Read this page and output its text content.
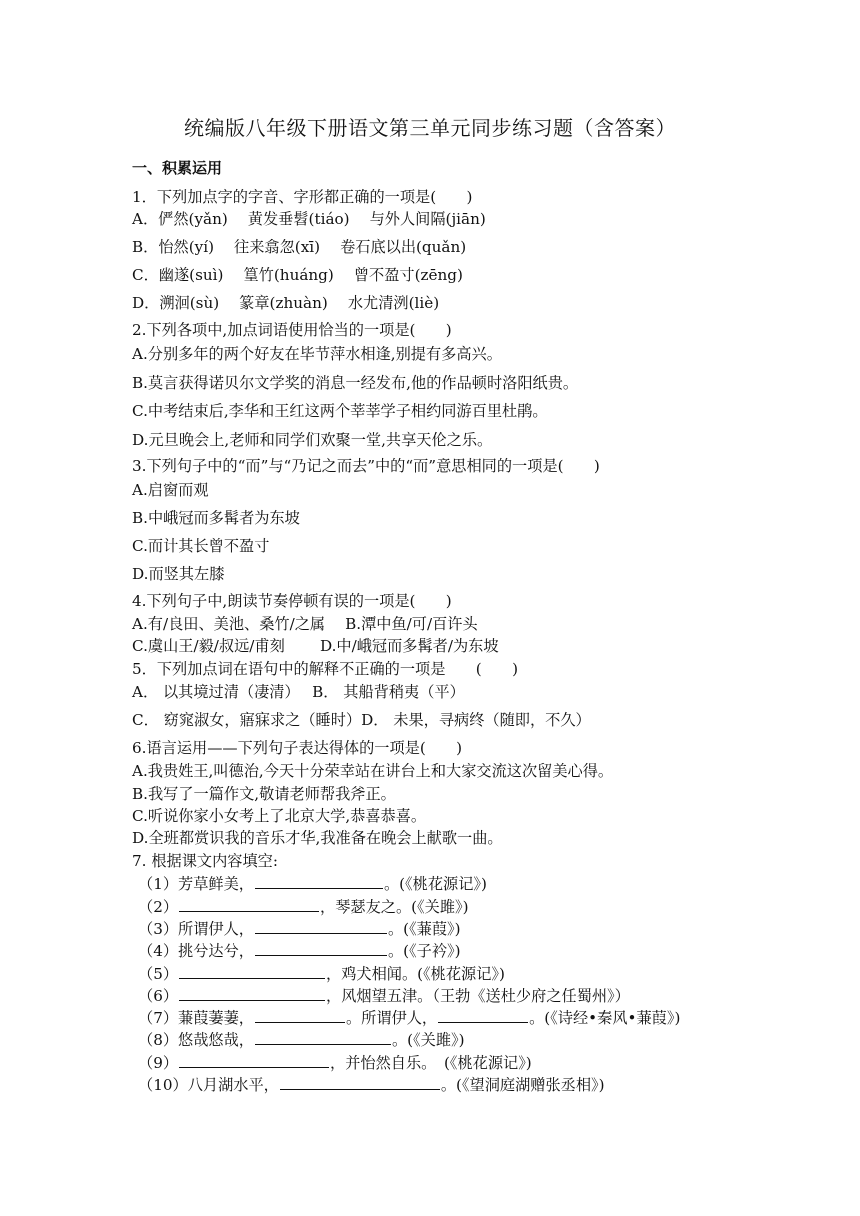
统编版八年级下册语文第三单元同步练习题（含答案）
一、积累运用
1．下列加点字的字音、字形都正确的一项是(　　)
A．俨然(yǎn)　 黄发垂髫(tiáo)　 与外人间隔(jiān)
B．怡然(yí)　 往来翕忽(xī)　 卷石底以出(quǎn)
C．幽遂(suì)　 篁竹(huáng)　 曾不盈寸(zēng)
D．溯洄(sù)　 篆章(zhuàn)　 水尤清洌(liè)
2.下列各项中,加点词语使用恰当的一项是(　　)
A.分别多年的两个好友在毕节萍水相逢,别提有多高兴。
B.莫言获得诺贝尔文学奖的消息一经发布,他的作品顿时洛阳纸贵。
C.中考结束后,李华和王红这两个莘莘学子相约同游百里杜鹃。
D.元旦晚会上,老师和同学们欢聚一堂,共享天伦之乐。
3.下列句子中的“而”与“乃记之而去”中的“而”意思相同的一项是(　　)
A.启窗而观
B.中峨冠而多髯者为东坡
C.而计其长曾不盈寸
D.而竖其左膝
4.下列句子中,朗读节奏停顿有误的一项是(　　)
A.有/良田、美池、桑竹/之属　 B.潭中鱼/可/百许头
C.虞山王/毅/叔远/甫刻　　 D.中/峨冠而多髯者/为东坡
5．下列加点词在语句中的解释不正确的一项是　　(　　)
A． 以其境过清（凄清）　 B． 其船背稍夷（平）
C． 窈窕淑女，寤寐求之（睡时）D． 未果，寻病终（随即，不久）
6.语言运用——下列句子表达得体的一项是(　　)
A.我贵姓王,叫德治,今天十分荣幸站在讲台上和大家交流这次留美心得。
B.我写了一篇作文,敬请老师帮我斧正。
C.听说你家小女考上了北京大学,恭喜恭喜。
D.全班都赏识我的音乐才华,我准备在晚会上献歌一曲。
7. 根据课文内容填空:
（1）芳草鲜美，	。(《桃花源记》)
（2）	，琴瑟友之。(《关雎》)
（3）所谓伊人，	。(《蒹葭》)
（4）挑兮达兮，	。(《子衿》)
（5）	，鸡犬相闻。(《桃花源记》)
（6）	，风烟望五津。（王勃《送杜少府之任蜀州》）
（7）蒹葭萋萋，	。所谓伊人，	。(《诗经•秦风•蒹葭》)
（8）悠哉悠哉，	。(《关雎》)
（9）	，并怡然自乐。　(《桃花源记》)
（10）八月湖水平，	。(《望洞庭湖赠张丞相》)
